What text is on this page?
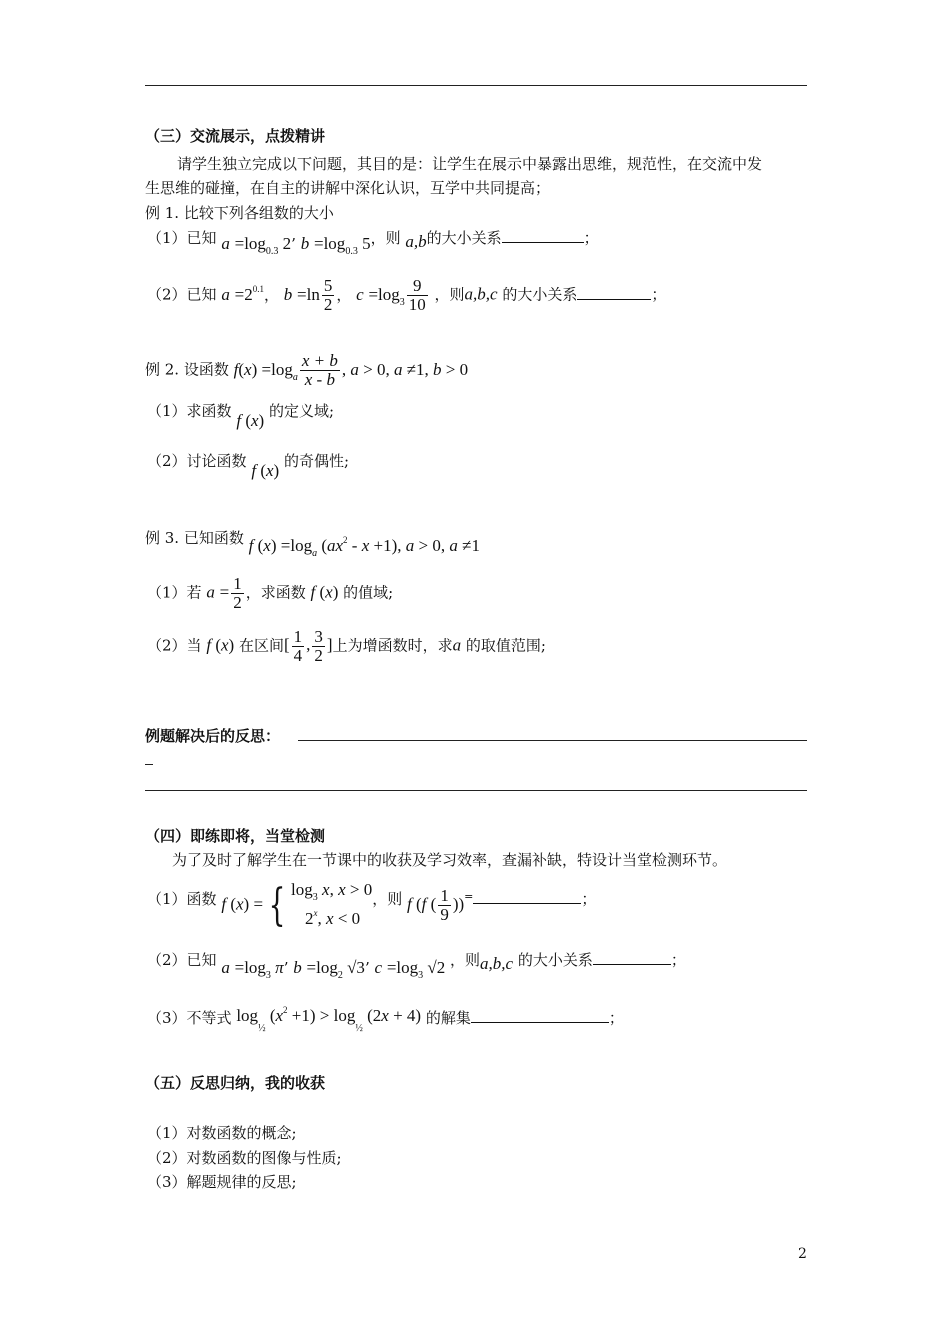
（三）交流展示，点拨精讲
请学生独立完成以下问题，其目的是：让学生在展示中暴露出思维，规范性，在交流中发
生思维的碰撞，在自主的讲解中深化认识，互学中共同提高；
例 1. 比较下列各组数的大小
（1）已知 $a =\log_{0.3}$ 2’ $b =\log_{0.3}$ 5，则 a,b的大小关系	；
（2）已知 $a =2^{0.1}$， $b =\ln \frac{5}{2}$ ， $c =\log_3 \frac{9}{10}$ ，则a,b,c 的大小关系	；
例 2. 设函数 $f(x) =\log_a \frac{x + b}{x - b}$ , a > 0, a ≠1, b > 0
（1）求函数 f (x) 的定义域;
（2）讨论函数 f (x) 的奇偶性;
例 3. 已知函数 f $(x) =\log_a$ $(ax^2 - x +1)$, a > 0, a ≠1
（1）若 $a = \frac{1}{2}$ ，求函数 f (x) 的值域;
（2）当 f (x) 在区间[ $\frac{1}{4}$ , $\frac{3}{2}$ ]上为增函数时，求a 的取值范围;
例题解决后的反思：
（四）即练即将，当堂检测
为了及时了解学生在一节课中的收获及学习效率，查漏补缺，特设计当堂检测环节。
（1）函数 f (x) = { $\log_3 x$, x > 0
2$^x$, x < 0
，则 f (f ( $\frac{1}{9} ))^=$	；
（2）已知 $a =\log_3$ π’ $b =\log_2$ √3’ $c =\log_3$ √2 ，则a,b,c 的大小关系	；
（3）不等式 $\log_{\frac{1}{2}} (x^2 +1) > \log_{\frac{1}{2}} (2x + 4)$ 的解集	；
（五）反思归纳，我的收获
（1）对数函数的概念;
（2）对数函数的图像与性质;
（3）解题规律的反思;
2
